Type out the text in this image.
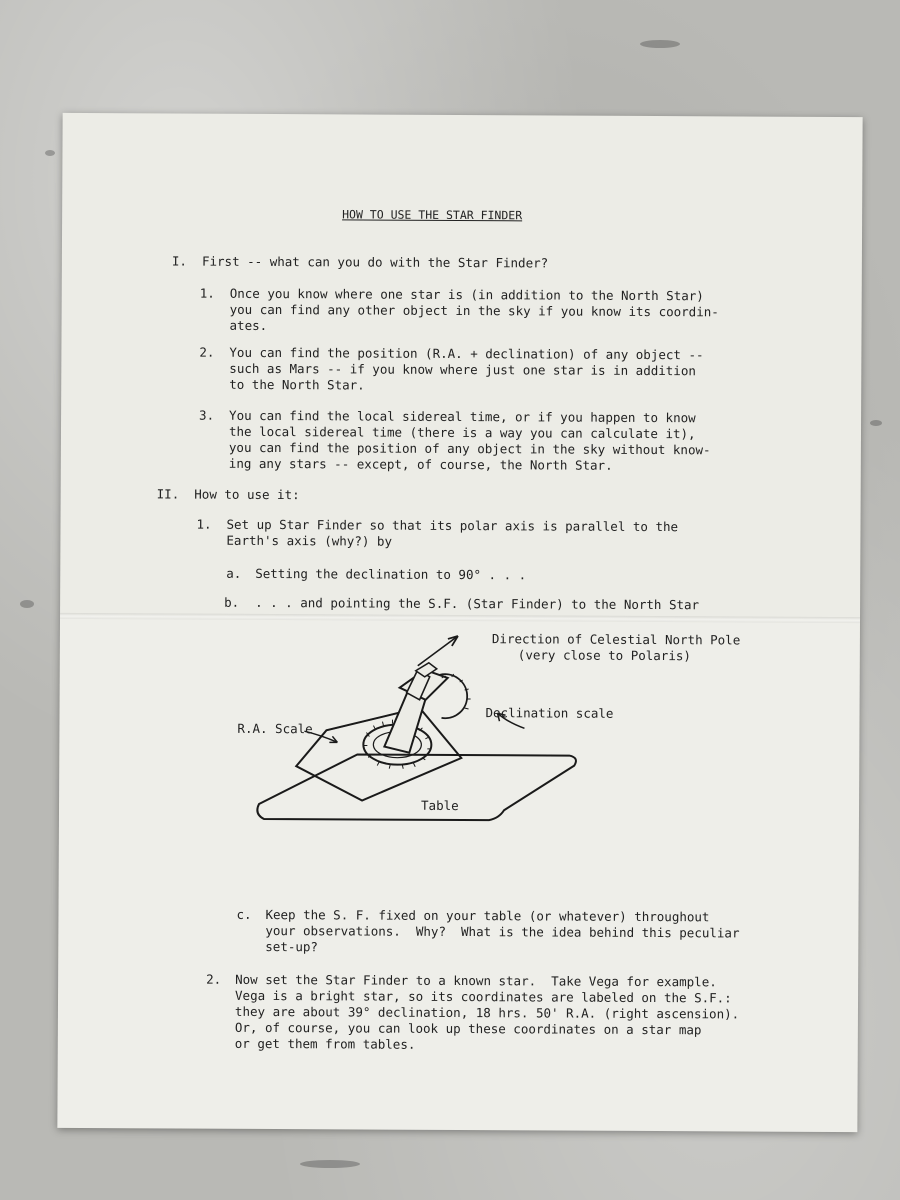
HOW TO USE THE STAR FINDER
I.  First -- what can you do with the Star Finder?
1. Once you know where one star is (in addition to the North Star)
you can find any other object in the sky if you know its coordin-
ates.
2. You can find the position (R.A. + declination) of any object --
such as Mars -- if you know where just one star is in addition
to the North Star.
3. You can find the local sidereal time, or if you happen to know
the local sidereal time (there is a way you can calculate it),
you can find the position of any object in the sky without know-
ing any stars -- except, of course, the North Star.
II.  How to use it:
1. Set up Star Finder so that its polar axis is parallel to the
Earth's axis (why?) by
a. Setting the declination to 90° . . .
b. . . . and pointing the S.F. (Star Finder) to the North Star
Direction of Celestial North Pole
(very close to Polaris)
Declination scale
R.A. Scale
Table
c. Keep the S. F. fixed on your table (or whatever) throughout
your observations.  Why?  What is the idea behind this peculiar
set-up?
2. Now set the Star Finder to a known star.  Take Vega for example.
Vega is a bright star, so its coordinates are labeled on the S.F.:
they are about 39° declination, 18 hrs. 50' R.A. (right ascension).
Or, of course, you can look up these coordinates on a star map
or get them from tables.
